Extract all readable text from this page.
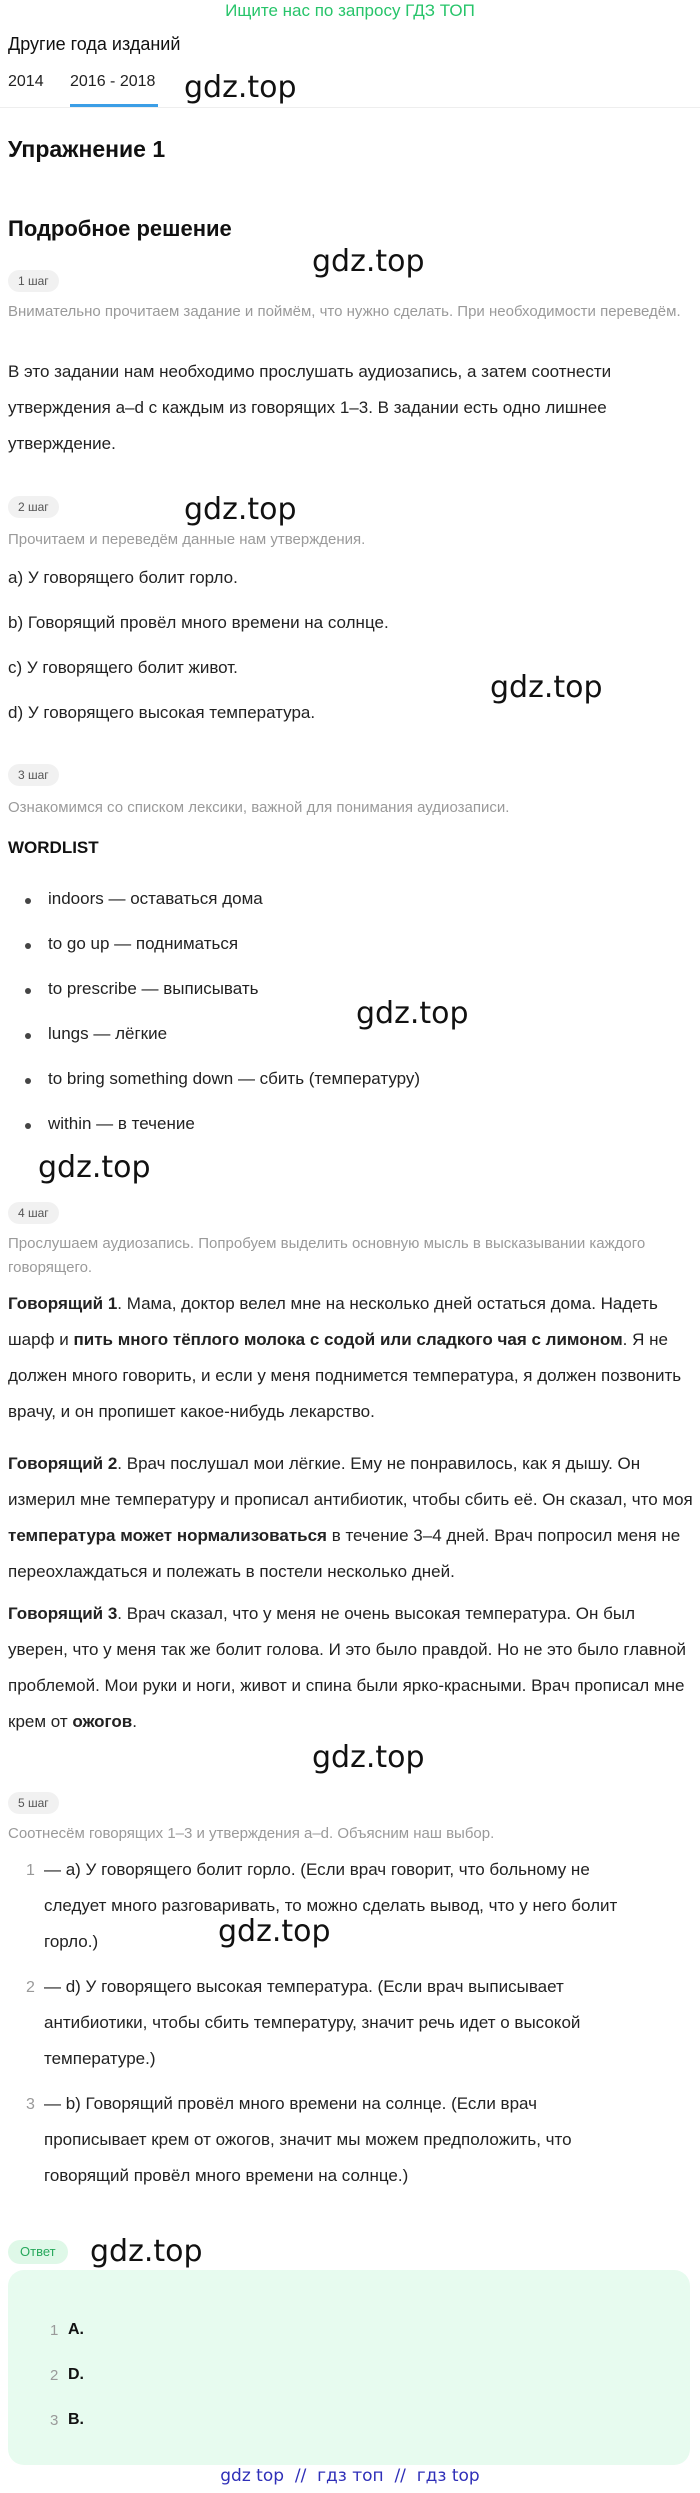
Ищите нас по запросу ГДЗ ТОП
Другие года изданий
2014 2016 - 2018 gdz.top
gdz.top
gdz.top
gdz.top
gdz.top
gdz.top
gdz.top
gdz.top
gdz.top
Упражнение 1
Подробное решение
1 шаг
Внимательно прочитаем задание и поймём, что нужно сделать. При необходимости переведём.
В это задании нам необходимо прослушать аудиозапись, а затем соотнести утверждения a–d с каждым из говорящих 1–3. В задании есть одно лишнее утверждение.
2 шаг
Прочитаем и переведём данные нам утверждения.
a) У говорящего болит горло.
b) Говорящий провёл много времени на солнце.
c) У говорящего болит живот.
d) У говорящего высокая температура.
3 шаг
Ознакомимся со списком лексики, важной для понимания аудиозаписи.
WORDLIST
indoors — оставаться дома
to go up — подниматься
to prescribe — выписывать
lungs — лёгкие
to bring something down — сбить (температуру)
within — в течение
4 шаг
Прослушаем аудиозапись. Попробуем выделить основную мысль в высказывании каждого говорящего.
Говорящий 1. Мама, доктор велел мне на несколько дней остаться дома. Надеть шарф и пить много тёплого молока с содой или сладкого чая с лимоном. Я не должен много говорить, и если у меня поднимется температура, я должен позвонить врачу, и он пропишет какое-нибудь лекарство.
Говорящий 2. Врач послушал мои лёгкие. Ему не понравилось, как я дышу. Он измерил мне температуру и прописал антибиотик, чтобы сбить её. Он сказал, что моя температура может нормализоваться в течение 3–4 дней. Врач попросил меня не переохлаждаться и полежать в постели несколько дней.
Говорящий 3. Врач сказал, что у меня не очень высокая температура. Он был уверен, что у меня так же болит голова. И это было правдой. Но не это было главной проблемой. Мои руки и ноги, живот и спина были ярко-красными. Врач прописал мне крем от ожогов.
5 шаг
Соотнесём говорящих 1–3 и утверждения a–d. Объясним наш выбор.
1 — a) У говорящего болит горло. (Если врач говорит, что больному не следует много разговаривать, то можно сделать вывод, что у него болит горло.)
2 — d) У говорящего высокая температура. (Если врач выписывает антибиотики, чтобы сбить температуру, значит речь идет о высокой температуре.)
3 — b) Говорящий провёл много времени на солнце. (Если врач прописывает крем от ожогов, значит мы можем предположить, что говорящий провёл много времени на солнце.)
Ответ
1 A.
2 D.
3 B.
gdz top  //  гдз топ  //  гдз top
